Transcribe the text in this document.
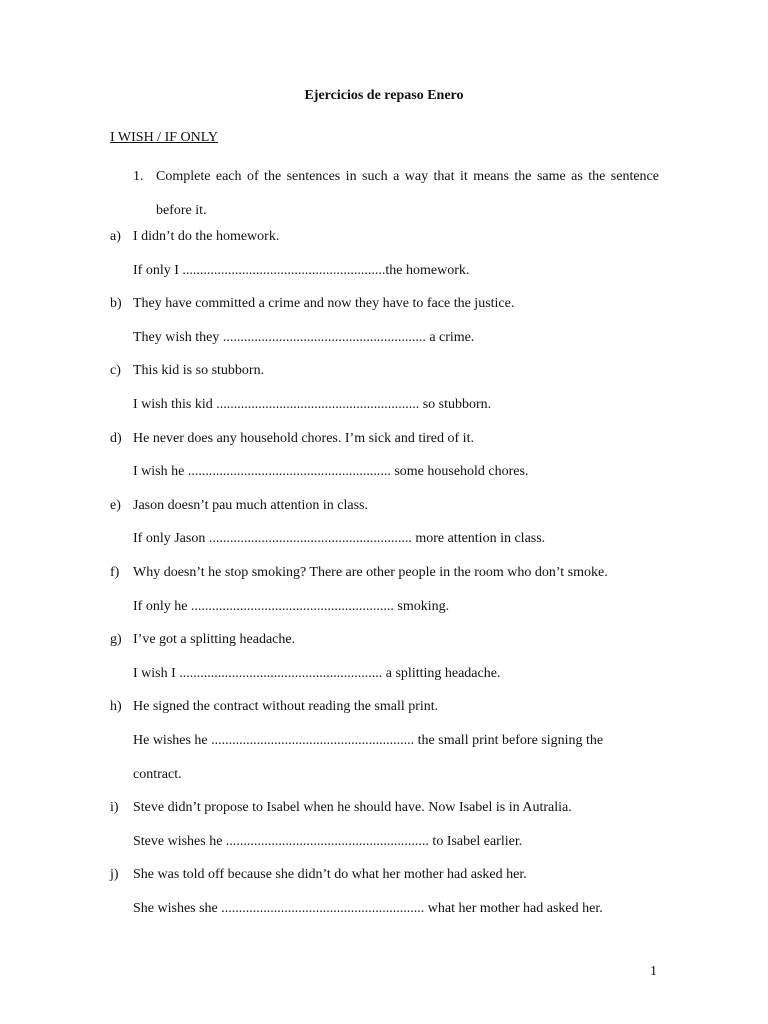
Ejercicios de repaso Enero
I WISH / IF ONLY
1. Complete each of the sentences in such a way that it means the same as the sentence before it.
a) I didn’t do the homework.
If only I ..........................................................the homework.
b) They have committed a crime and now they have to face the justice.
They wish they .......................................................... a crime.
c) This kid is so stubborn.
I wish this kid .......................................................... so stubborn.
d) He never does any household chores. I’m sick and tired of it.
I wish he .......................................................... some household chores.
e) Jason doesn’t pau much attention in class.
If only Jason .......................................................... more attention in class.
f) Why doesn’t he stop smoking? There are other people in the room who don’t smoke.
If only he .......................................................... smoking.
g) I’ve got a splitting headache.
I wish I .......................................................... a splitting headache.
h) He signed the contract without reading the small print.
He wishes he .......................................................... the small print before signing the
contract.
i) Steve didn’t propose to Isabel when he should have. Now Isabel is in Autralia.
Steve wishes he .......................................................... to Isabel earlier.
j) She was told off because she didn’t do what her mother had asked her.
She wishes she .......................................................... what her mother had asked her.
1
